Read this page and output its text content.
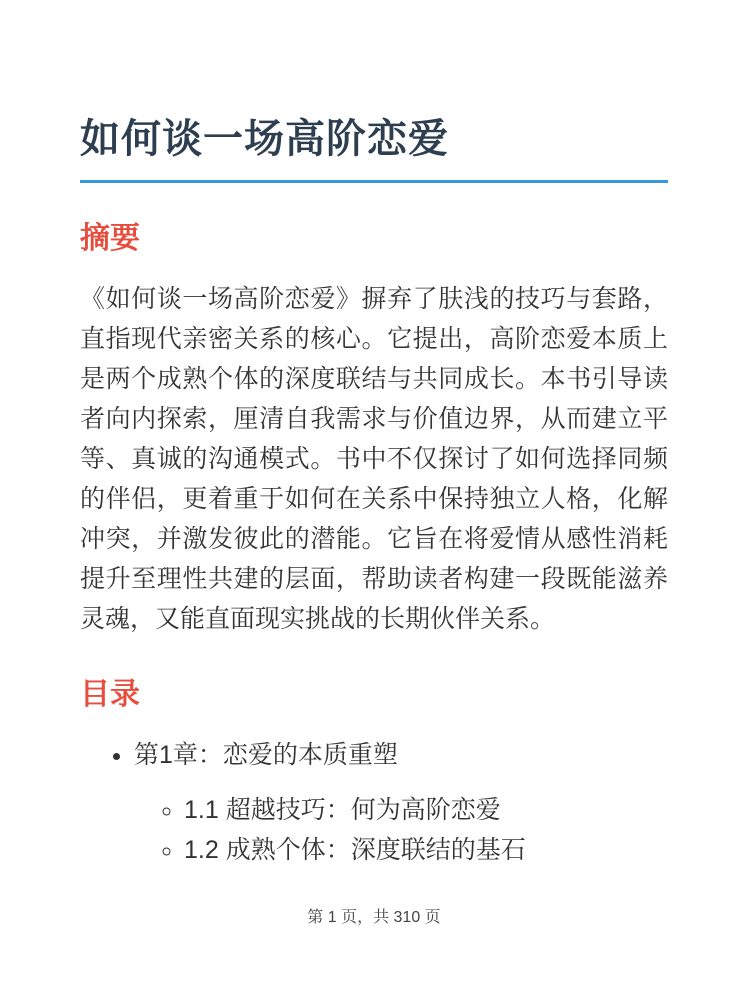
如何谈一场高阶恋爱
摘要

《如何谈一场高阶恋爱》摒弃了肤浅的技巧与套路，直指现代亲密关系的核心。它提出，高阶恋爱本质上是两个成熟个体的深度联结与共同成长。本书引导读者向内探索，厘清自我需求与价值边界，从而建立平等、真诚的沟通模式。书中不仅探讨了如何选择同频的伴侣，更着重于如何在关系中保持独立人格，化解冲突，并激发彼此的潜能。它旨在将爱情从感性消耗提升至理性共建的层面，帮助读者构建一段既能滋养灵魂，又能直面现实挑战的长期伙伴关系。

目录
• 第1章：恋爱的本质重塑
◦ 1.1 超越技巧：何为高阶恋爱
◦ 1.2 成熟个体：深度联结的基石
第 1 页，共 310 页
